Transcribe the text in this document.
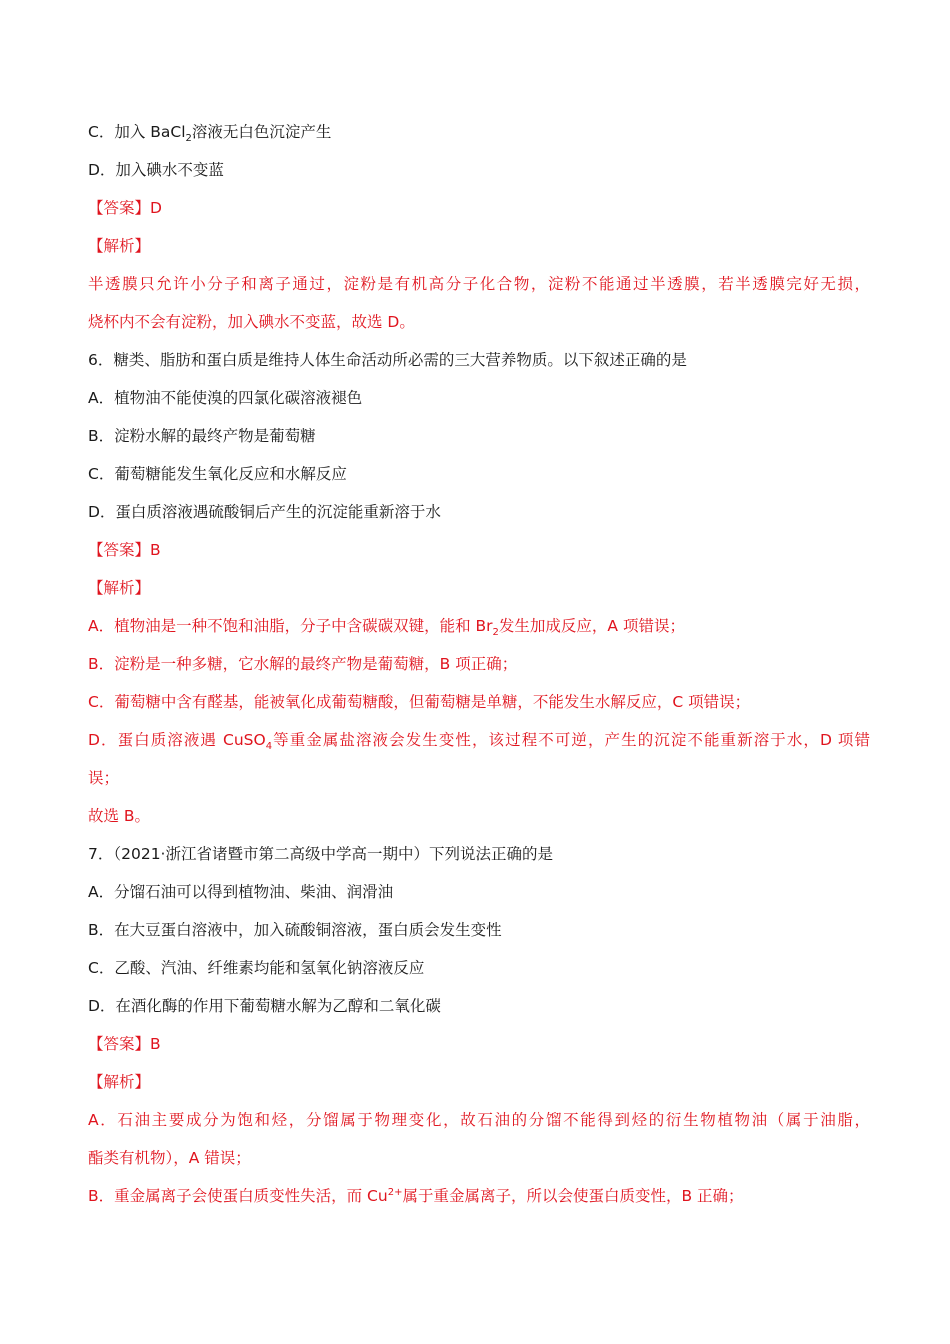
C．加入 BaCl$_2$溶液无白色沉淀产生
D．加入碘水不变蓝
【答案】D
【解析】
半透膜只允许小分子和离子通过，淀粉是有机高分子化合物，淀粉不能通过半透膜，若半透膜完好无损，
烧杯内不会有淀粉，加入碘水不变蓝，故选 D。
6．糖类、脂肪和蛋白质是维持人体生命活动所必需的三大营养物质。以下叙述正确的是
A．植物油不能使溴的四氯化碳溶液褪色
B．淀粉水解的最终产物是葡萄糖
C．葡萄糖能发生氧化反应和水解反应
D．蛋白质溶液遇硫酸铜后产生的沉淀能重新溶于水
【答案】B
【解析】
A．植物油是一种不饱和油脂，分子中含碳碳双键，能和 $Br_2$发生加成反应，A 项错误；
B．淀粉是一种多糖，它水解的最终产物是葡萄糖，B 项正确；
C．葡萄糖中含有醛基，能被氧化成葡萄糖酸，但葡萄糖是单糖，不能发生水解反应，C 项错误；
D．蛋白质溶液遇 CuSO$_4$等重金属盐溶液会发生变性，该过程不可逆，产生的沉淀不能重新溶于水，D 项错
误；
故选 B。
7．（2021·浙江省诸暨市第二高级中学高一期中）下列说法正确的是
A．分馏石油可以得到植物油、柴油、润滑油
B．在大豆蛋白溶液中，加入硫酸铜溶液，蛋白质会发生变性
C．乙酸、汽油、纤维素均能和氢氧化钠溶液反应
D．在酒化酶的作用下葡萄糖水解为乙醇和二氧化碳
【答案】B
【解析】
A．石油主要成分为饱和烃，分馏属于物理变化，故石油的分馏不能得到烃的衍生物植物油（属于油脂，
酯类有机物），A 错误；
B．重金属离子会使蛋白质变性失活，而 $Cu^{2+}$属于重金属离子，所以会使蛋白质变性，B 正确；
